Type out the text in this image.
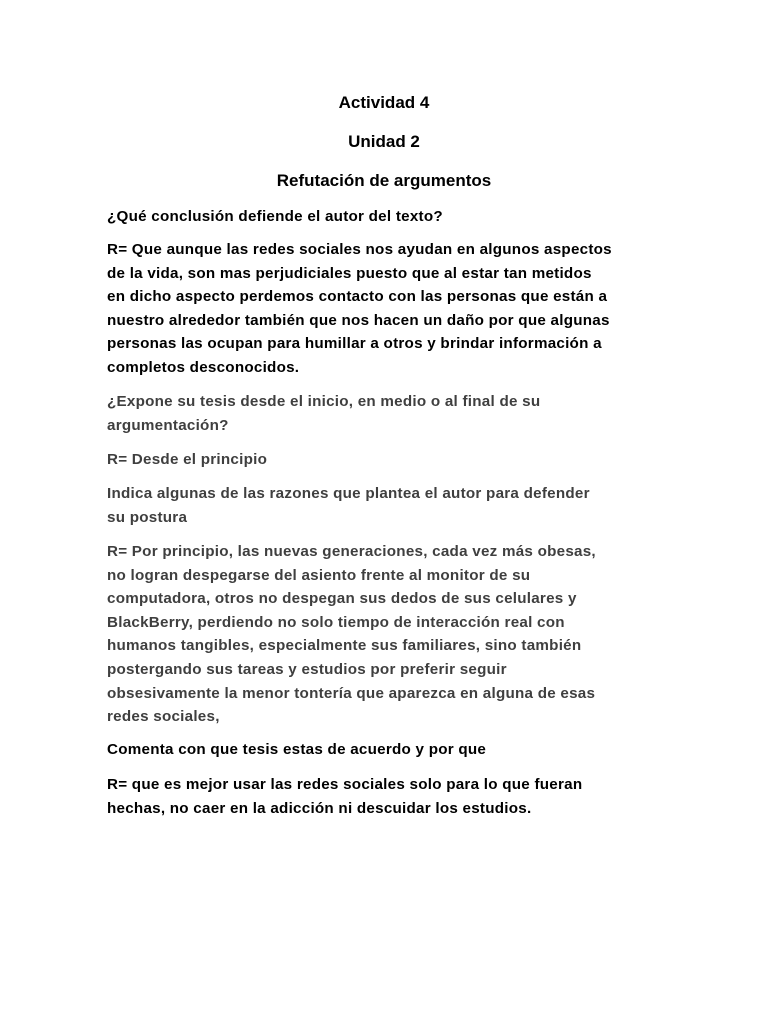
Actividad 4
Unidad 2
Refutación de argumentos
¿Qué conclusión defiende el autor del texto?
R= Que aunque las redes sociales nos ayudan en algunos aspectos
de la vida, son mas perjudiciales puesto que al estar tan metidos
en dicho aspecto perdemos contacto con las personas que están a
nuestro alrededor también que nos hacen un daño por que algunas
personas las ocupan para humillar a otros y brindar información a
completos desconocidos.
¿Expone su tesis desde el inicio, en medio o al final de su
argumentación?
R= Desde el principio
Indica algunas de las razones que plantea el autor para defender
su postura
R= Por principio, las nuevas generaciones, cada vez más obesas,
no logran despegarse del asiento frente al monitor de su
computadora, otros no despegan sus dedos de sus celulares y
BlackBerry, perdiendo no solo tiempo de interacción real con
humanos tangibles, especialmente sus familiares, sino también
postergando sus tareas y estudios por preferir seguir
obsesivamente la menor tontería que aparezca en alguna de esas
redes sociales,
Comenta con que tesis estas de acuerdo y por que
R= que es mejor usar las redes sociales solo para lo que fueran
hechas, no caer en la adicción ni descuidar los estudios.
